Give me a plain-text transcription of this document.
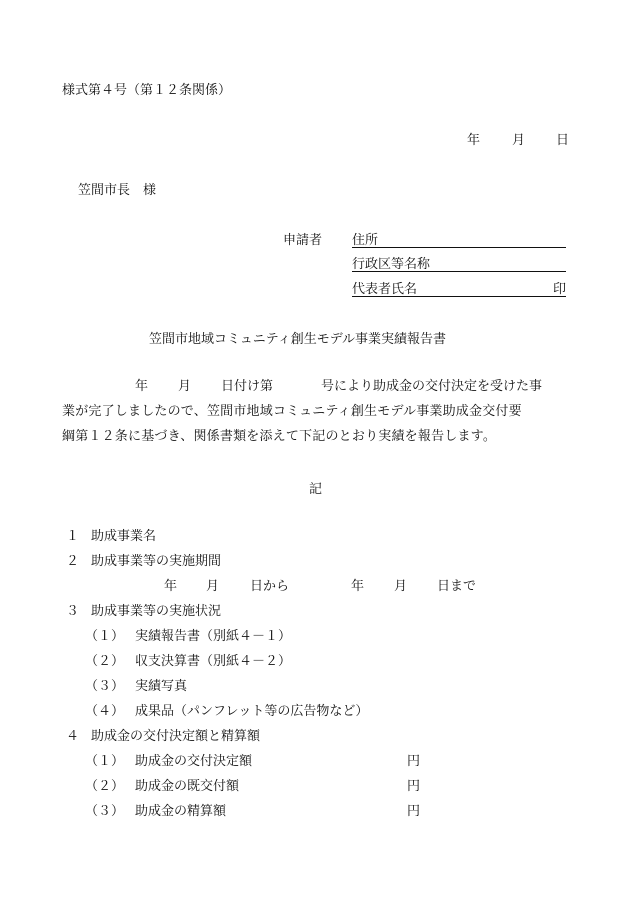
様式第４号（第１２条関係）
年 月 日
笠間市長　様
申請者 住所
行政区等名称
代表者氏名	印
笠間市地域コミュニティ創生モデル事業実績報告書
年 月 日付け第	号により助成金の交付決定を受けた事
業が完了しましたので、笠間市地域コミュニティ創生モデル事業助成金交付要
綱第１２条に基づき、関係書類を添えて下記のとおり実績を報告します。
記
１ 助成事業名
２ 助成事業等の実施期間
年 月 日から	年 月 日まで
３ 助成事業等の実施状況
（１） 実績報告書（別紙４－１）
（２） 収支決算書（別紙４－２）
（３） 実績写真
（４） 成果品（パンフレット等の広告物など）
４ 助成金の交付決定額と精算額
（１） 助成金の交付決定額	円
（２） 助成金の既交付額	円
（３） 助成金の精算額	円
